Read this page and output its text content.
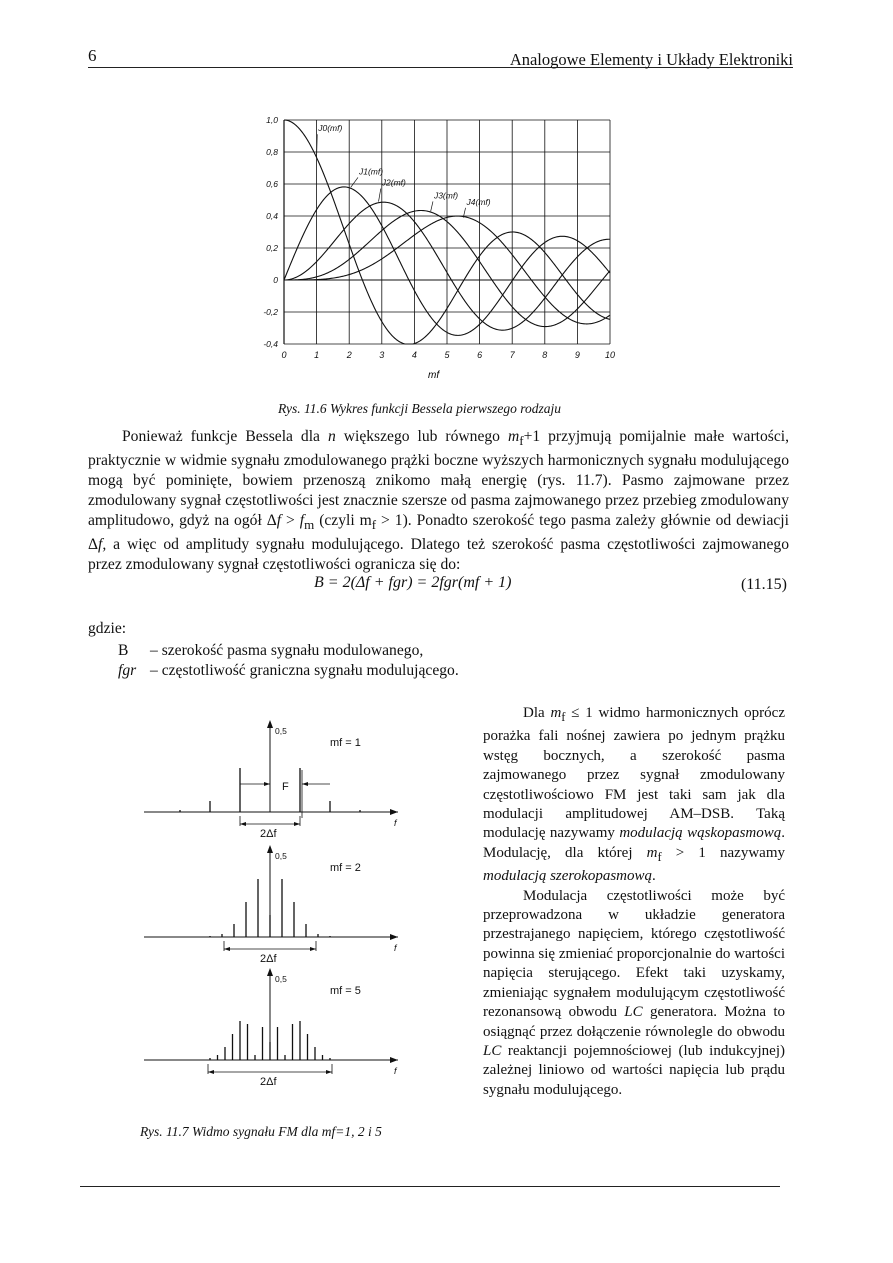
6	Analogowe Elementy i Układy Elektroniki
0	1	2	3	4	5	6	7	8	9	10
1,0
0,8
0,6
0,4
0,2
0
-0,2
-0,4
J0(mf)
J1(mf)
J2(mf)
J3(mf)
J4(mf)
mf
Rys. 11.6 Wykres funkcji Bessela pierwszego rodzaju

Ponieważ funkcje Bessela dla n większego lub równego $m_f+1$ przyjmują pomijalnie małe wartości, praktycznie w widmie sygnału zmodulowanego prążki boczne wyższych harmonicznych sygnału modulującego mogą być pominięte, bowiem przenoszą znikomo małą energię (rys. 11.7). Pasmo zajmowane przez zmodulowany sygnał częstotliwości jest znacznie szersze od pasma zajmowanego przez przebieg zmodulowany amplitudowo, gdyż na ogół $\Delta f > f_m$ (czyli $m_f > 1$). Ponadto szerokość tego pasma zależy głównie od dewiacji Δf, a więc od amplitudy sygnału modulującego. Dlatego też szerokość pasma częstotliwości zajmowanego przez zmodulowany sygnał częstotliwości ogranicza się do:

B = 2(Δf + fgr) = 2fgr(mf + 1)	(11.15)
gdzie:
B	– szerokość pasma sygnału modulowanego,
fgr – częstotliwość graniczna sygnału modulującego.
0,5
mf = 1
f
2Δf
F
0,5
mf = 2
f
2Δf
0,5
mf = 5
f
2Δf
Rys. 11.7 Widmo sygnału FM dla mf=1, 2 i 5

Dla $m_f \le 1$ widmo harmonicznych oprócz porażka fali nośnej zawiera po jednym prążku wstęg bocznych, a szerokość pasma zajmowanego przez sygnał zmodulowany częstotliwościowo FM jest taki sam jak dla modulacji amplitudowej AM–DSB. Taką modulację nazywamy modulacją wąskopasmową. Modulację, dla której $m_f > 1$ nazywamy modulacją szerokopasmową.

Modulacja częstotliwości może być przeprowadzona w układzie generatora przestrajanego napięciem, którego częstotliwość powinna się zmieniać proporcjonalnie do wartości napięcia sterującego. Efekt taki uzyskamy, zmieniając sygnałem modulującym częstotliwość rezonansową obwodu LC generatora. Można to osiągnąć przez dołączenie równolegle do obwodu LC reaktancji pojemnościowej (lub indukcyjnej) zależnej liniowo od wartości napięcia lub prądu sygnału modulującego.
